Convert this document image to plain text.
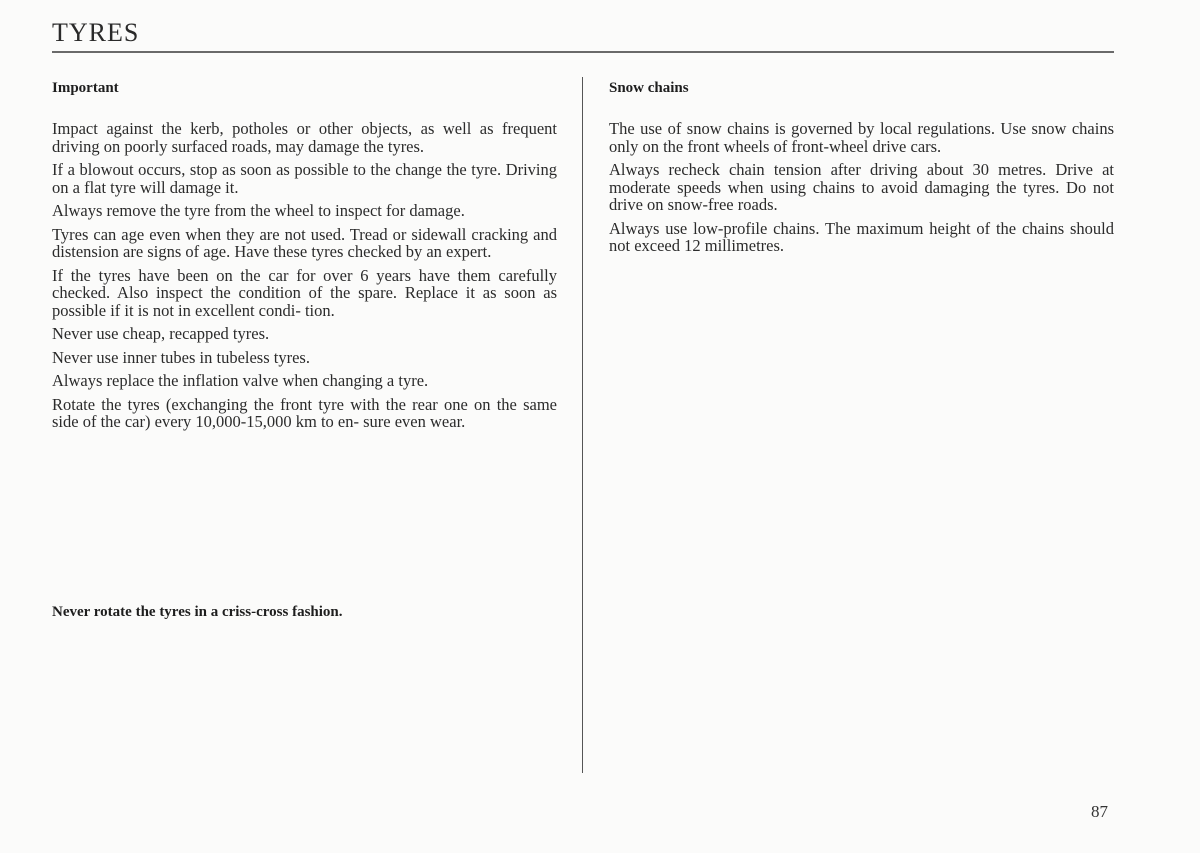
TYRES
Important

Impact against the kerb, potholes or other objects, as well as frequent driving on poorly surfaced roads, may damage the tyres.

If a blowout occurs, stop as soon as possible to the change the tyre. Driving on a flat tyre will damage it.

Always remove the tyre from the wheel to inspect for damage.

Tyres can age even when they are not used. Tread or sidewall cracking and distension are signs of age. Have these tyres checked by an expert.

If the tyres have been on the car for over 6 years have them carefully checked. Also inspect the condition of the spare. Replace it as soon as possible if it is not in excellent condi- tion.

Never use cheap, recapped tyres.

Never use inner tubes in tubeless tyres.

Always replace the inflation valve when changing a tyre.

Rotate the tyres (exchanging the front tyre with the rear one on the same side of the car) every 10,000-15,000 km to en- sure even wear.

Never rotate the tyres in a criss-cross fashion.

Snow chains

The use of snow chains is governed by local regulations. Use snow chains only on the front wheels of front-wheel drive cars.

Always recheck chain tension after driving about 30 metres. Drive at moderate speeds when using chains to avoid damaging the tyres. Do not drive on snow-free roads.

Always use low-profile chains. The maximum height of the chains should not exceed 12 millimetres.

87
